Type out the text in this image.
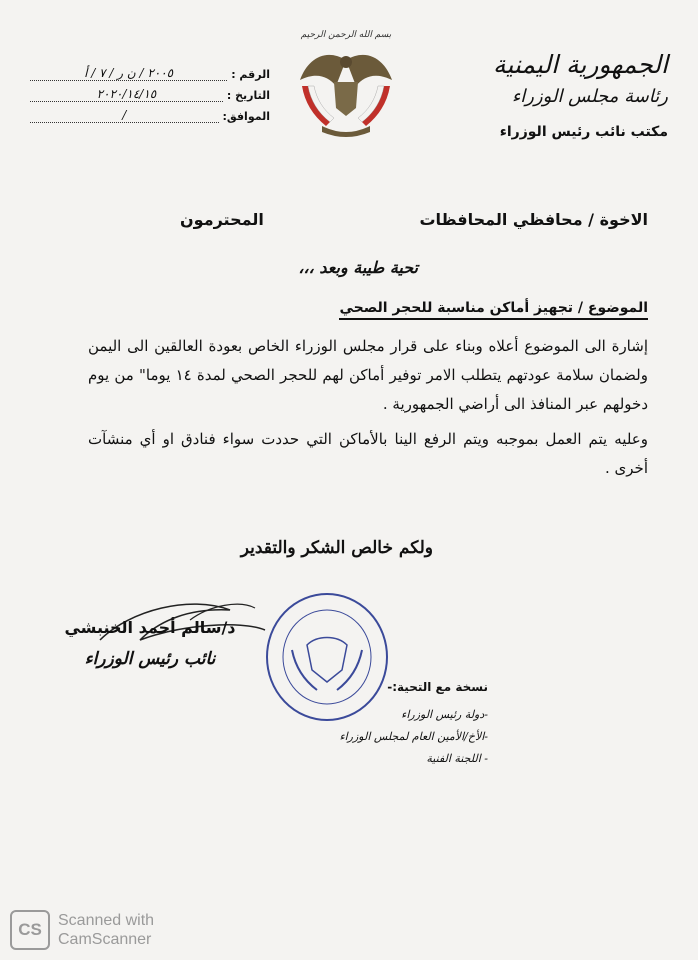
الجمهورية اليمنية
رئاسة مجلس الوزراء
مكتب نائب رئيس الوزراء
بسم الله الرحمن الرحيم
الرقم :
٢٠٠٥ / ن ر / ٧ / أ
التاريخ :
٢٠٢٠/١٤/١٥
الموافق:
/
الاخوة / محافظي المحافظات
المحترمون
تحية طيبة وبعد ،،،
الموضوع / تجهيز أماكن مناسبة للحجر الصحي

إشارة الى الموضوع أعلاه وبناء على قرار مجلس الوزراء الخاص بعودة العالقين الى اليمن ولضمان سلامة عودتهم يتطلب الامر توفير أماكن لهم للحجر الصحي لمدة ١٤ يوما" من يوم دخولهم عبر المنافذ الى أراضي الجمهورية .

وعليه يتم العمل بموجبه ويتم الرفع الينا بالأماكن التي حددت سواء فنادق او أي منشآت أخرى .

ولكم خالص الشكر والتقدير
د/سالم أحمد الخنبشي
نائب رئيس الوزراء
نسخة مع التحية:-
-دولة رئيس الوزراء
-الأخ/الأمين العام لمجلس الوزراء
- اللجنة الفنية
CS	Scanned with
CamScanner
